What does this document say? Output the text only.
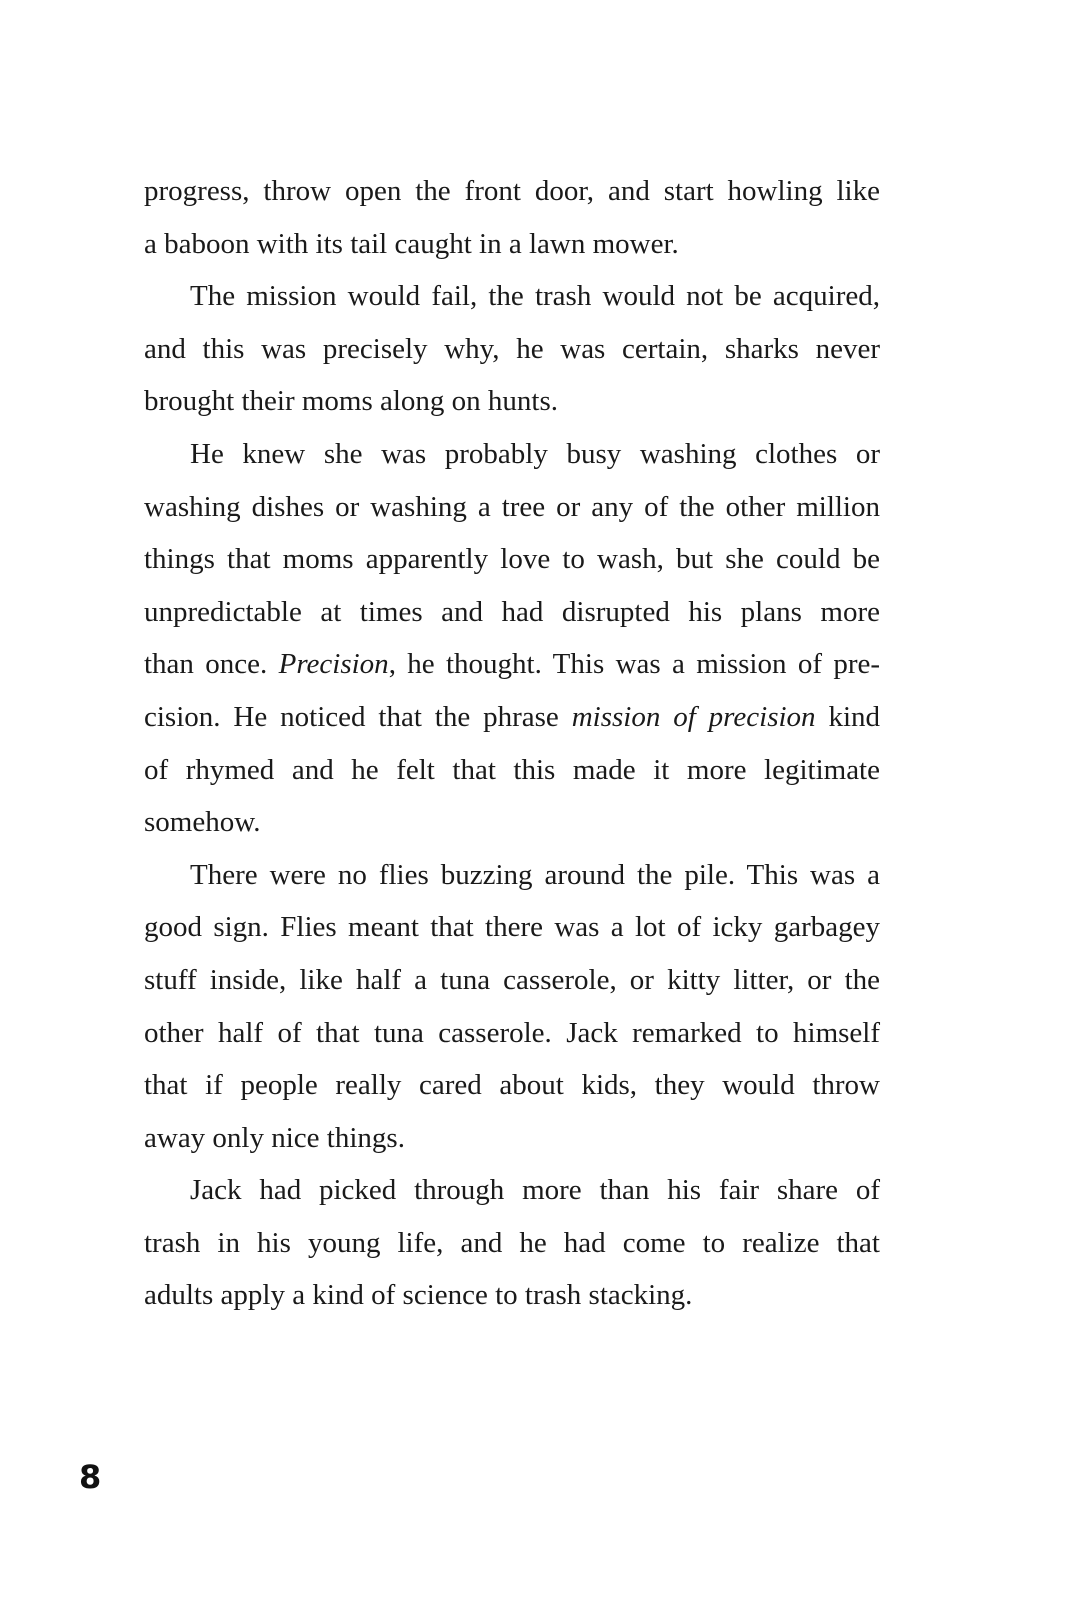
progress, throw open the front door, and start howling like
a baboon with its tail caught in a lawn mower.
The mission would fail, the trash would not be acquired,
and this was precisely why, he was certain, sharks never
brought their moms along on hunts.
He knew she was probably busy washing clothes or
washing dishes or washing a tree or any of the other million
things that moms apparently love to wash, but she could be
unpredictable at times and had disrupted his plans more
than once. Precision, he thought. This was a mission of pre-
cision. He noticed that the phrase mission of precision kind
of rhymed and he felt that this made it more legitimate
somehow.
There were no flies buzzing around the pile. This was a
good sign. Flies meant that there was a lot of icky garbagey
stuff inside, like half a tuna casserole, or kitty litter, or the
other half of that tuna casserole. Jack remarked to himself
that if people really cared about kids, they would throw
away only nice things.
Jack had picked through more than his fair share of
trash in his young life, and he had come to realize that
adults apply a kind of science to trash stacking.
8
